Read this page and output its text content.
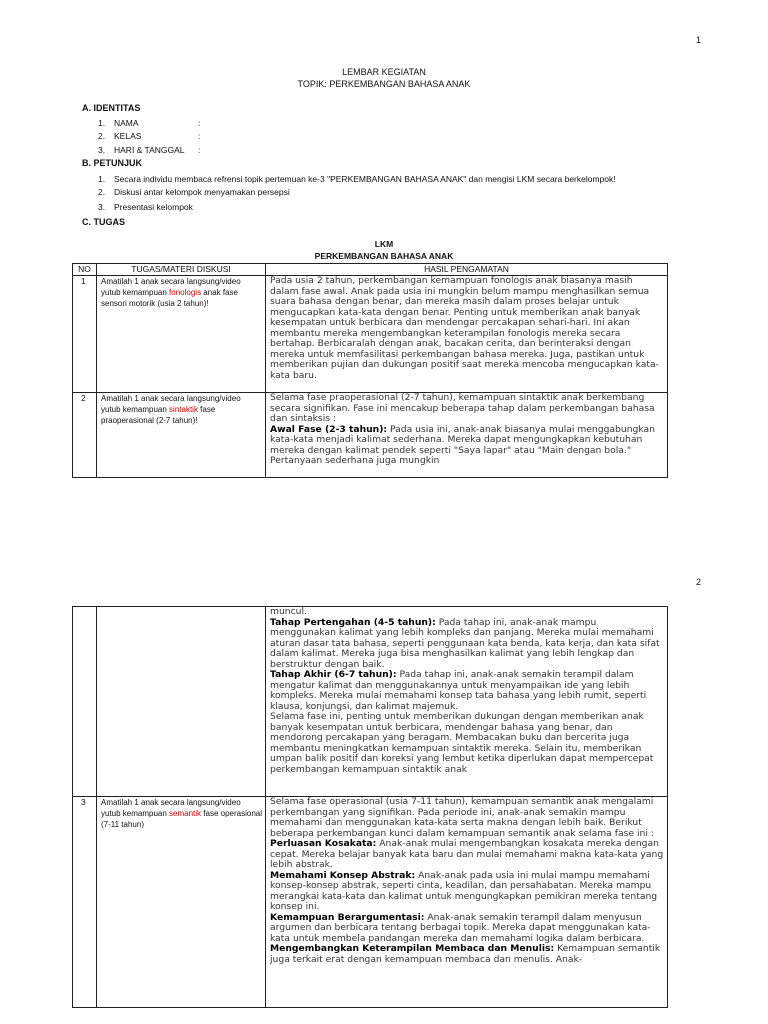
1
LEMBAR KEGIATAN
TOPIK: PERKEMBANGAN BAHASA ANAK
A. IDENTITAS
1. NAMA	:
2. KELAS	:
3. HARI & TANGGAL :
B. PETUNJUK
1. Secara individu membaca refrensi topik pertemuan ke-3 "PERKEMBANGAN BAHASA ANAK" dan mengisi LKM secara berkelompok!
2. Diskusi antar kelompok menyamakan persepsi
3. Presentasi kelompok
C. TUGAS
LKM
PERKEMBANGAN BAHASA ANAK
NO	TUGAS/MATERI DISKUSI	HASIL PENGAMATAN
1	Amatilah 1 anak secara langsung/video yutub kemampuan fonologis anak fase sensori motorik (usia 2 tahun)!	Pada usia 2 tahun, perkembangan kemampuan fonologis anak biasanya masih dalam fase awal. Anak pada usia ini mungkin belum mampu menghasilkan semua suara bahasa dengan benar, dan mereka masih dalam proses belajar untuk mengucapkan kata-kata dengan benar. Penting untuk memberikan anak banyak kesempatan untuk berbicara dan mendengar percakapan sehari-hari. Ini akan membantu mereka mengembangkan keterampilan fonologis mereka secara bertahap. Berbicaralah dengan anak, bacakan cerita, dan berinteraksi dengan mereka untuk memfasilitasi perkembangan bahasa mereka. Juga, pastikan untuk memberikan pujian dan dukungan positif saat mereka mencoba mengucapkan kata-kata baru.

2	Amatilah 1 anak secara langsung/video yutub kemampuan sintaktik fase praoperasional (2-7 tahun)!	Selama fase praoperasional (2-7 tahun), kemampuan sintaktik anak berkembang secara signifikan. Fase ini mencakup beberapa tahap dalam perkembangan bahasa dan sintaksis :
Awal Fase (2-3 tahun): Pada usia ini, anak-anak biasanya mulai menggabungkan kata-kata menjadi kalimat sederhana. Mereka dapat mengungkapkan kebutuhan mereka dengan kalimat pendek seperti "Saya lapar" atau "Main dengan bola." Pertanyaan sederhana juga mungkin
2

		muncul.
Tahap Pertengahan (4-5 tahun): Pada tahap ini, anak-anak mampu menggunakan kalimat yang lebih kompleks dan panjang. Mereka mulai memahami aturan dasar tata bahasa, seperti penggunaan kata benda, kata kerja, dan kata sifat dalam kalimat. Mereka juga bisa menghasilkan kalimat yang lebih lengkap dan berstruktur dengan baik.
Tahap Akhir (6-7 tahun): Pada tahap ini, anak-anak semakin terampil dalam mengatur kalimat dan menggunakannya untuk menyampaikan ide yang lebih kompleks. Mereka mulai memahami konsep tata bahasa yang lebih rumit, seperti klausa, konjungsi, dan kalimat majemuk.
Selama fase ini, penting untuk memberikan dukungan dengan memberikan anak banyak kesempatan untuk berbicara, mendengar bahasa yang benar, dan mendorong percakapan yang beragam. Membacakan buku dan bercerita juga membantu meningkatkan kemampuan sintaktik mereka. Selain itu, memberikan umpan balik positif dan koreksi yang lembut ketika diperlukan dapat mempercepat perkembangan kemampuan sintaktik anak

3	Amatilah 1 anak secara langsung/video yutub kemampuan semantik fase operasional (7-11 tahun)	Selama fase operasional (usia 7-11 tahun), kemampuan semantik anak mengalami perkembangan yang signifikan. Pada periode ini, anak-anak semakin mampu memahami dan menggunakan kata-kata serta makna dengan lebih baik. Berikut beberapa perkembangan kunci dalam kemampuan semantik anak selama fase ini :
Perluasan Kosakata: Anak-anak mulai mengembangkan kosakata mereka dengan cepat. Mereka belajar banyak kata baru dan mulai memahami makna kata-kata yang lebih abstrak.
Memahami Konsep Abstrak: Anak-anak pada usia ini mulai mampu memahami konsep-konsep abstrak, seperti cinta, keadilan, dan persahabatan. Mereka mampu merangkai kata-kata dan kalimat untuk mengungkapkan pemikiran mereka tentang konsep ini.
Kemampuan Berargumentasi: Anak-anak semakin terampil dalam menyusun argumen dan berbicara tentang berbagai topik. Mereka dapat menggunakan kata-kata untuk membela pandangan mereka dan memahami logika dalam berbicara.
Mengembangkan Keterampilan Membaca dan Menulis: Kemampuan semantik juga terkait erat dengan kemampuan membaca dan menulis. Anak-
